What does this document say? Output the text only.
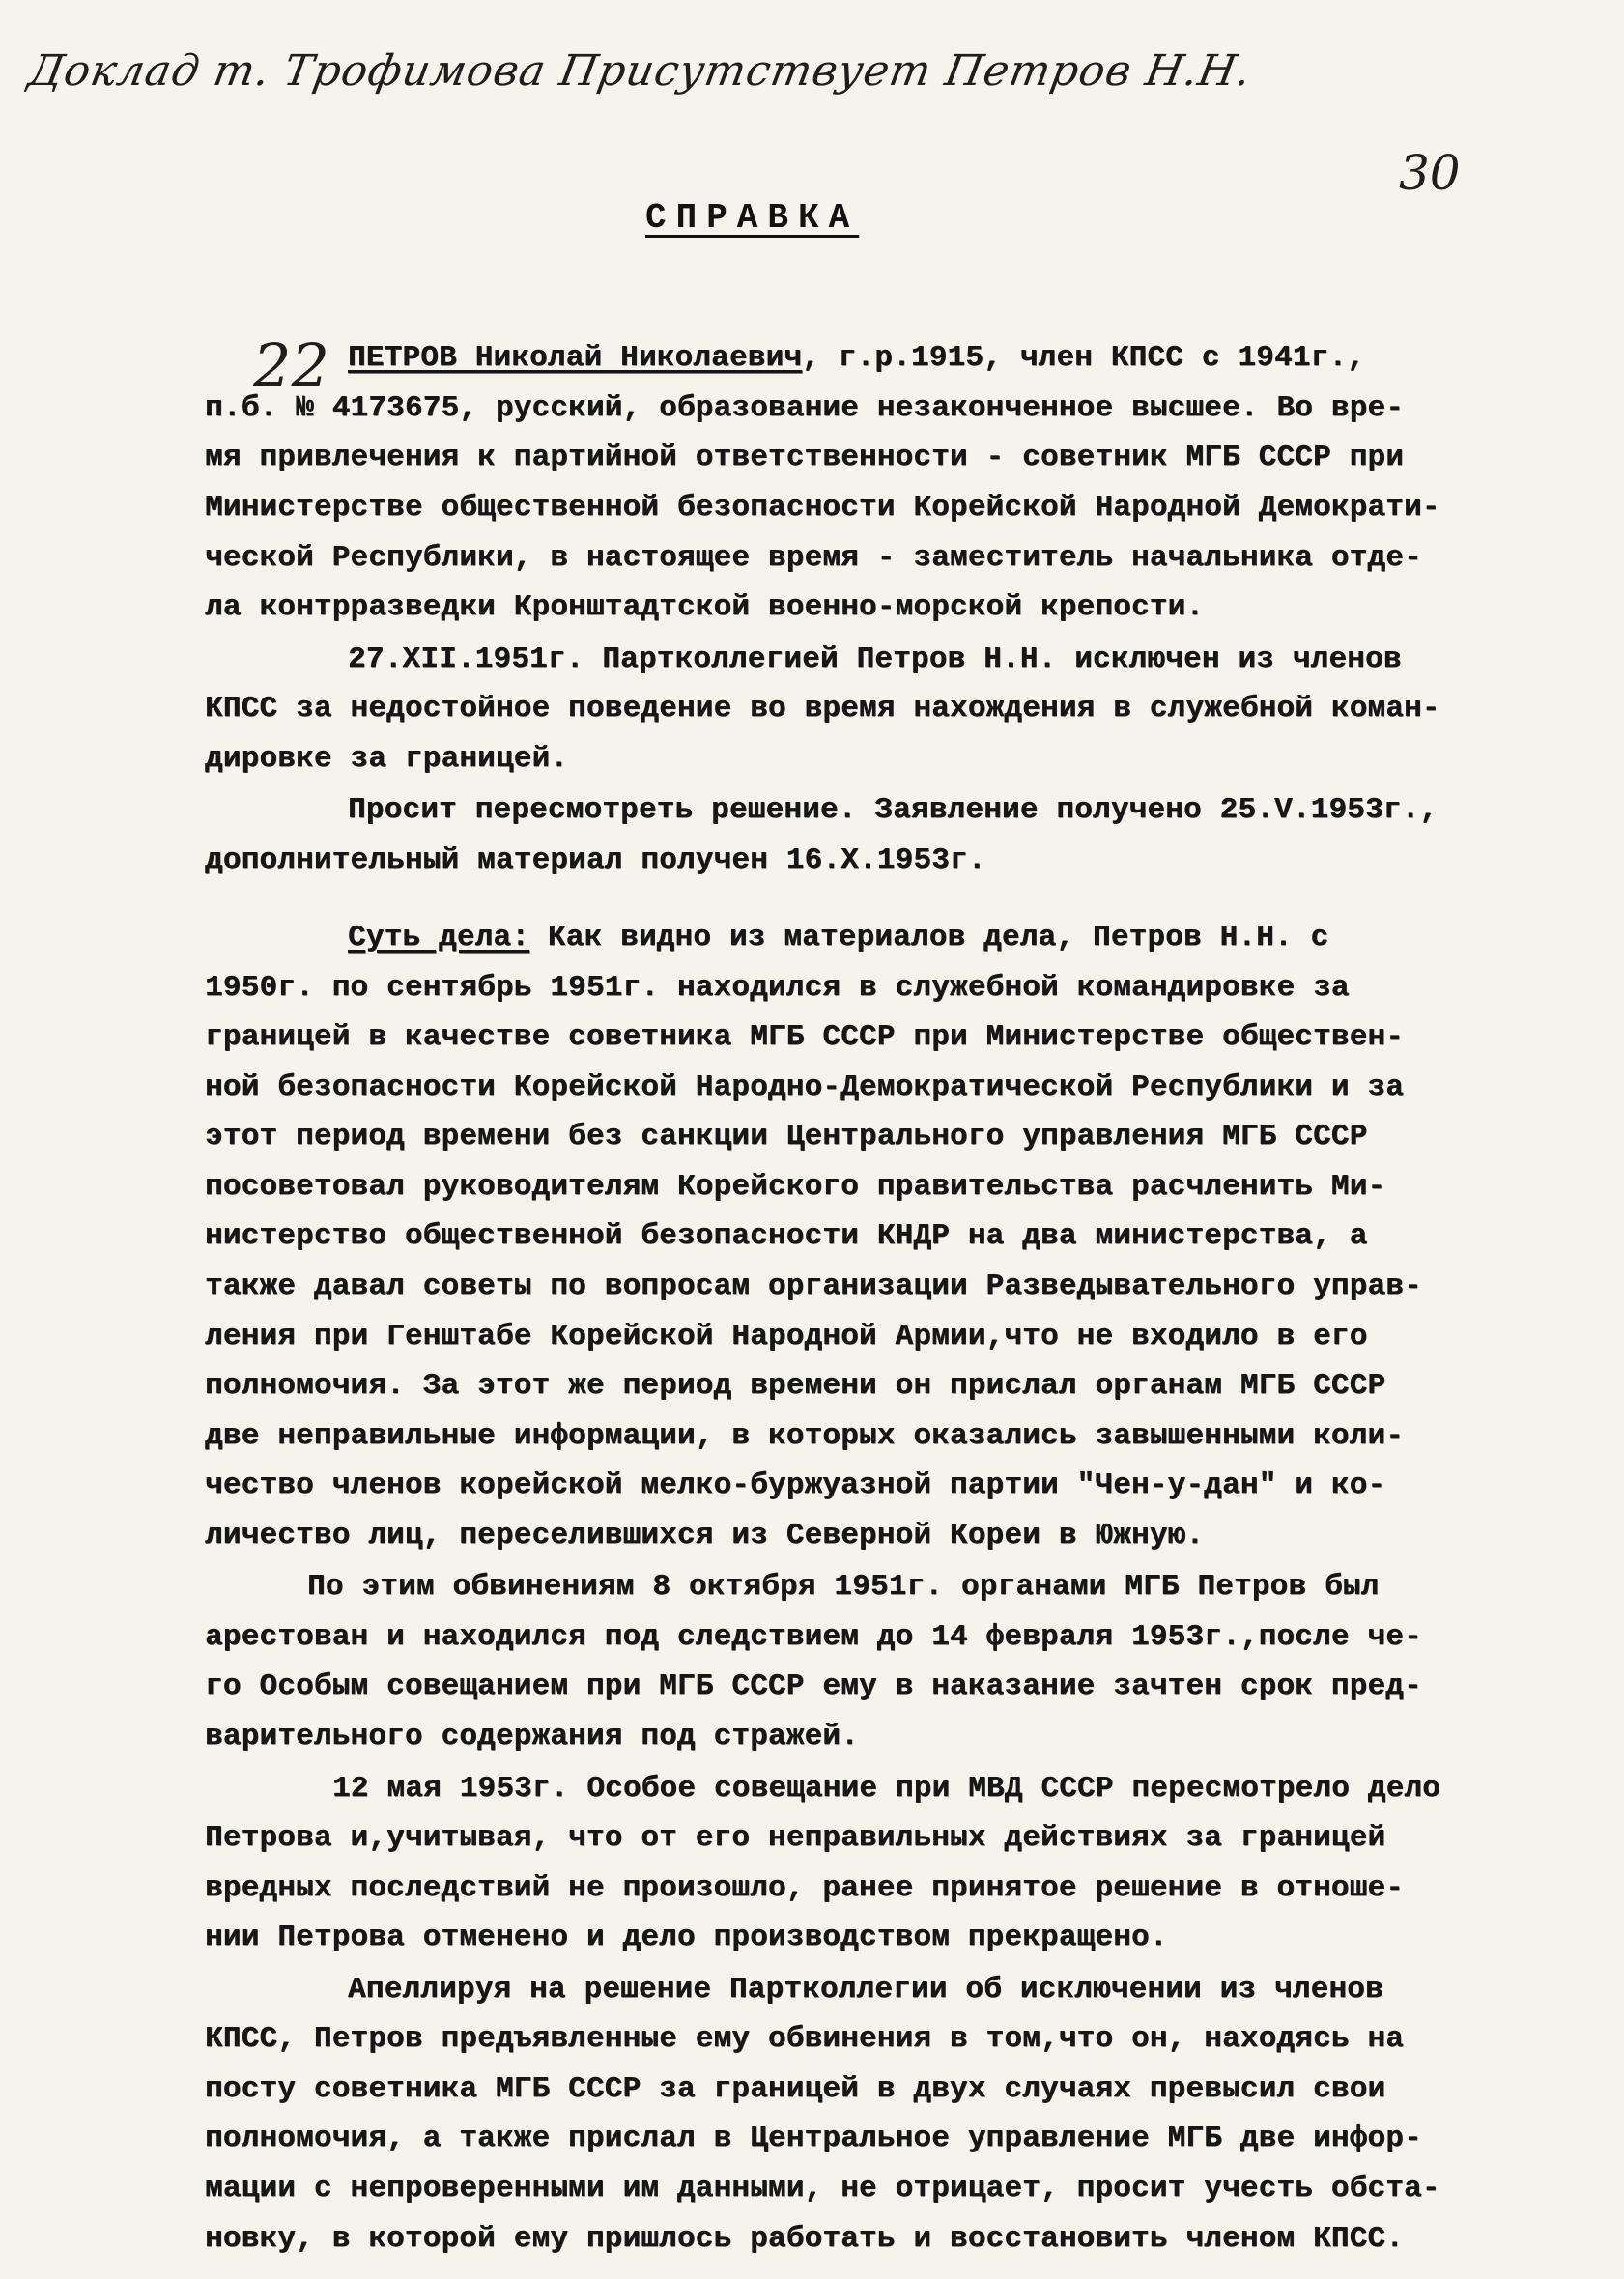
Доклад т. Трофимова Присутствует Петров Н.Н.
30
22
СПРАВКА
ПЕТРОВ Николай Николаевич, г.р.1915, член КПСС с 1941г.,
п.б. № 4173675, русский, образование незаконченное высшее. Во вре-
мя привлечения к партийной ответственности - советник МГБ СССР при
Министерстве общественной безопасности Корейской Народной Демократи-
ческой Республики, в настоящее время - заместитель начальника отде-
ла контрразведки Кронштадтской военно-морской крепости.
27.XII.1951г. Партколлегией Петров Н.Н. исключен из членов
КПСС за недостойное поведение во время нахождения в служебной коман-
дировке за границей.
Просит пересмотреть решение. Заявление получено 25.V.1953г.,
дополнительный материал получен 16.X.1953г.
Суть дела: Как видно из материалов дела, Петров Н.Н. с
1950г. по сентябрь 1951г. находился в служебной командировке за
границей в качестве советника МГБ СССР при Министерстве обществен-
ной безопасности Корейской Народно-Демократической Республики и за
этот период времени без санкции Центрального управления МГБ СССР
посоветовал руководителям Корейского правительства расчленить Ми-
нистерство общественной безопасности КНДР на два министерства, а
также давал советы по вопросам организации Разведывательного управ-
ления при Генштабе Корейской Народной Армии,что не входило в его
полномочия. За этот же период времени он прислал органам МГБ СССР
две неправильные информации, в которых оказались завышенными коли-
чество членов корейской мелко-буржуазной партии "Чен-у-дан" и ко-
личество лиц, переселившихся из Северной Кореи в Южную.
По этим обвинениям 8 октября 1951г. органами МГБ Петров был
арестован и находился под следствием до 14 февраля 1953г.,после че-
го Особым совещанием при МГБ СССР ему в наказание зачтен срок пред-
варительного содержания под стражей.
12 мая 1953г. Особое совещание при МВД СССР пересмотрело дело
Петрова и,учитывая, что от его неправильных действиях за границей
вредных последствий не произошло, ранее принятое решение в отноше-
нии Петрова отменено и дело производством прекращено.
Апеллируя на решение Партколлегии об исключении из членов
КПСС, Петров предъявленные ему обвинения в том,что он, находясь на
посту советника МГБ СССР за границей в двух случаях превысил свои
полномочия, а также прислал в Центральное управление МГБ две инфор-
мации с непроверенными им данными, не отрицает, просит учесть обста-
новку, в которой ему пришлось работать и восстановить членом КПСС.
